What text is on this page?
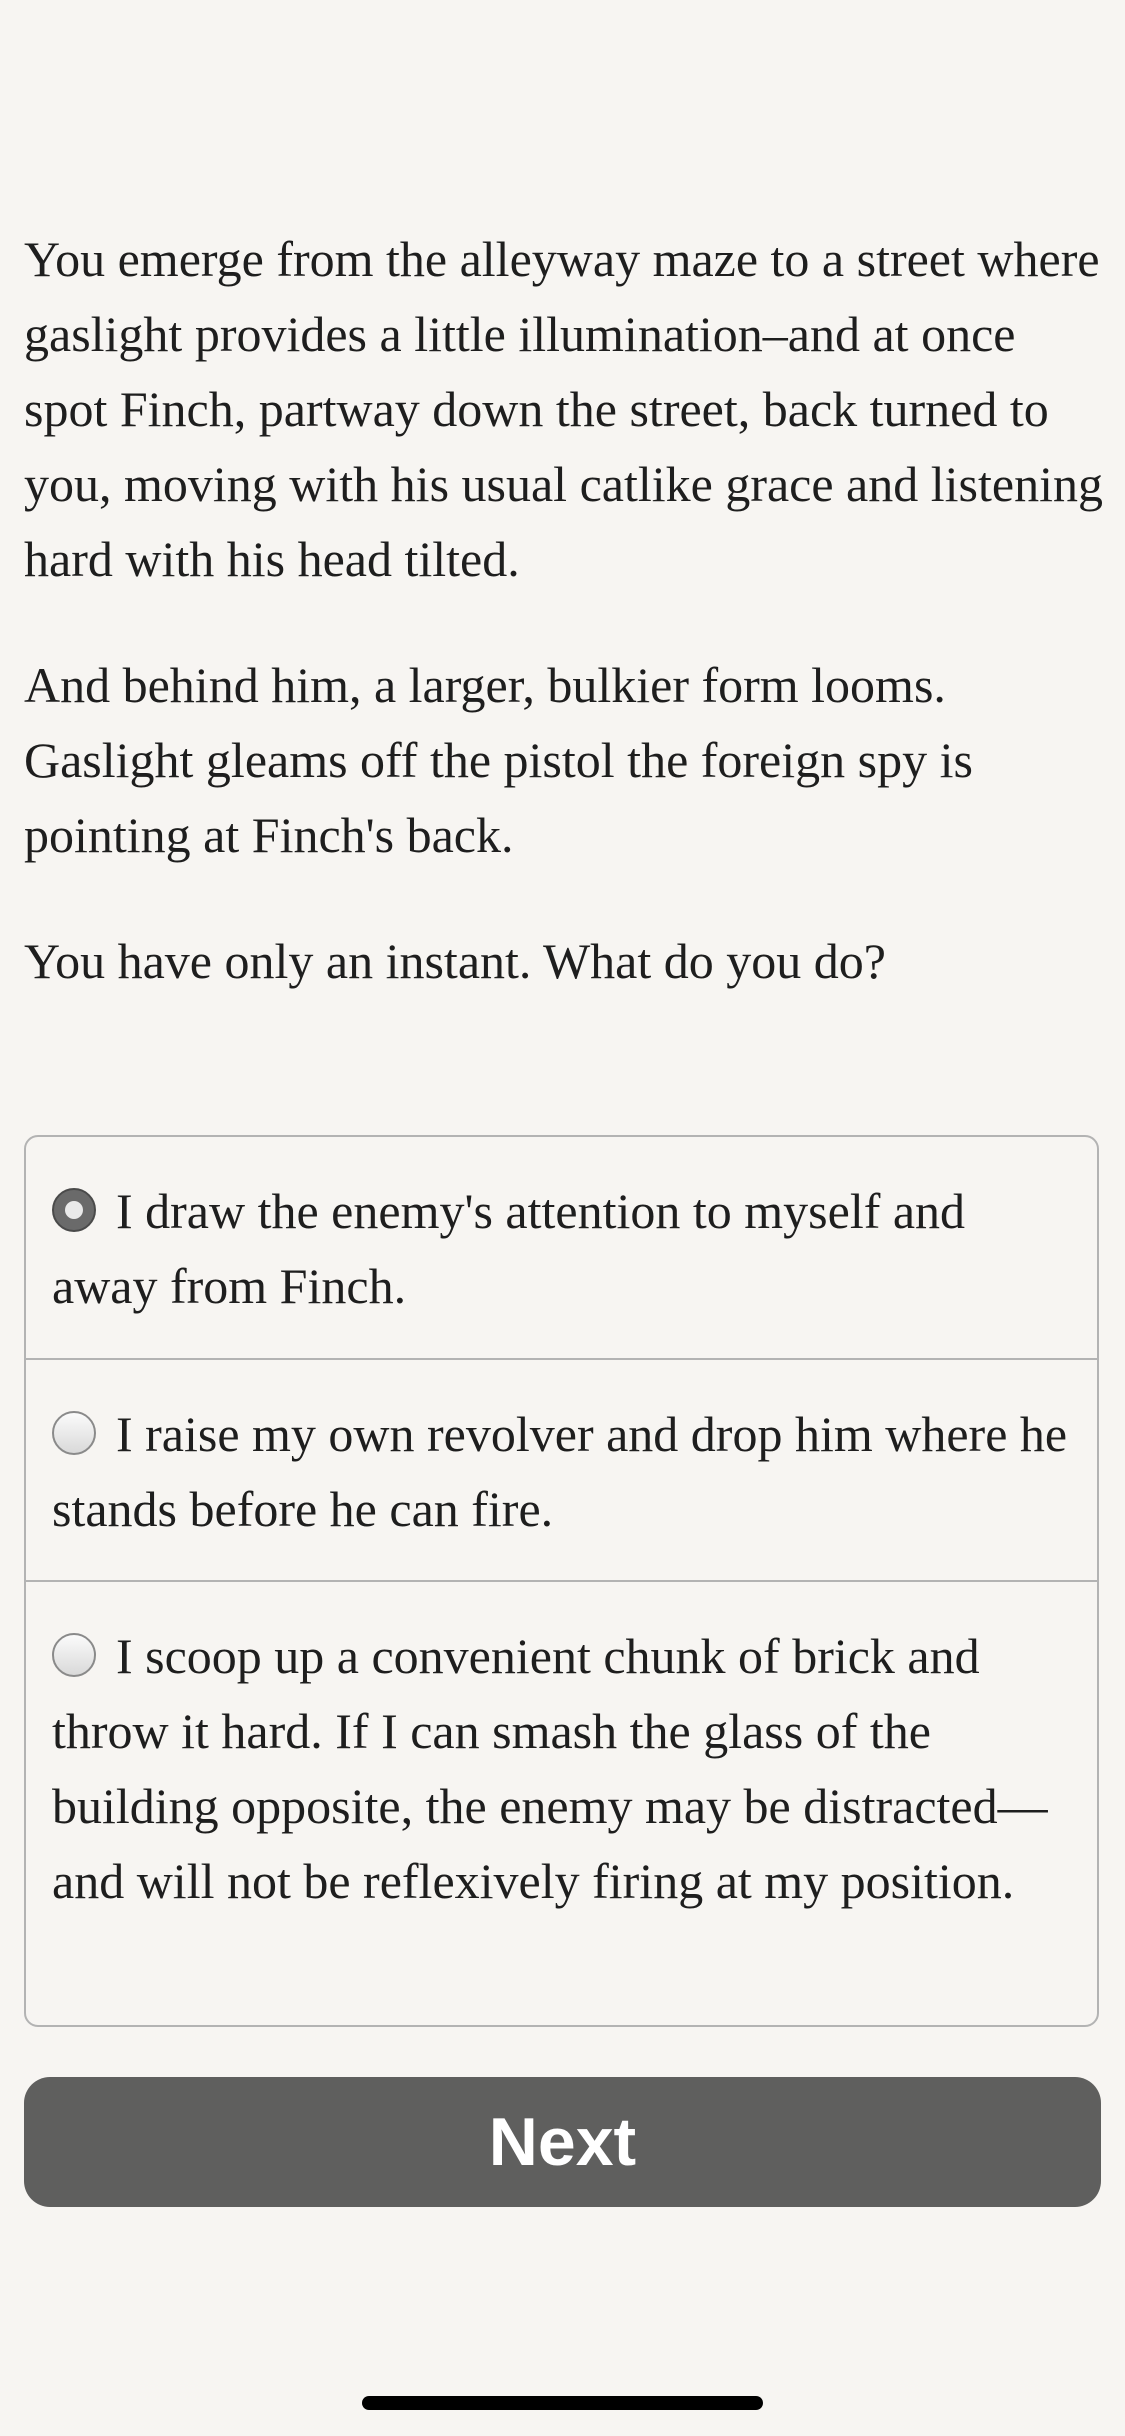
You emerge from the alleyway maze to a street where gaslight provides a little illumination–and at once spot Finch, partway down the street, back turned to you, moving with his usual catlike grace and listening hard with his head tilted.

And behind him, a larger, bulkier form looms. Gaslight gleams off the pistol the foreign spy is pointing at Finch's back.

You have only an instant. What do you do?

I draw the enemy's attention to myself and away from Finch.
I raise my own revolver and drop him where he stands before he can fire.
I scoop up a convenient chunk of brick and throw it hard. If I can smash the glass of the building opposite, the enemy may be distracted—and will not be reflexively firing at my position.
Next
